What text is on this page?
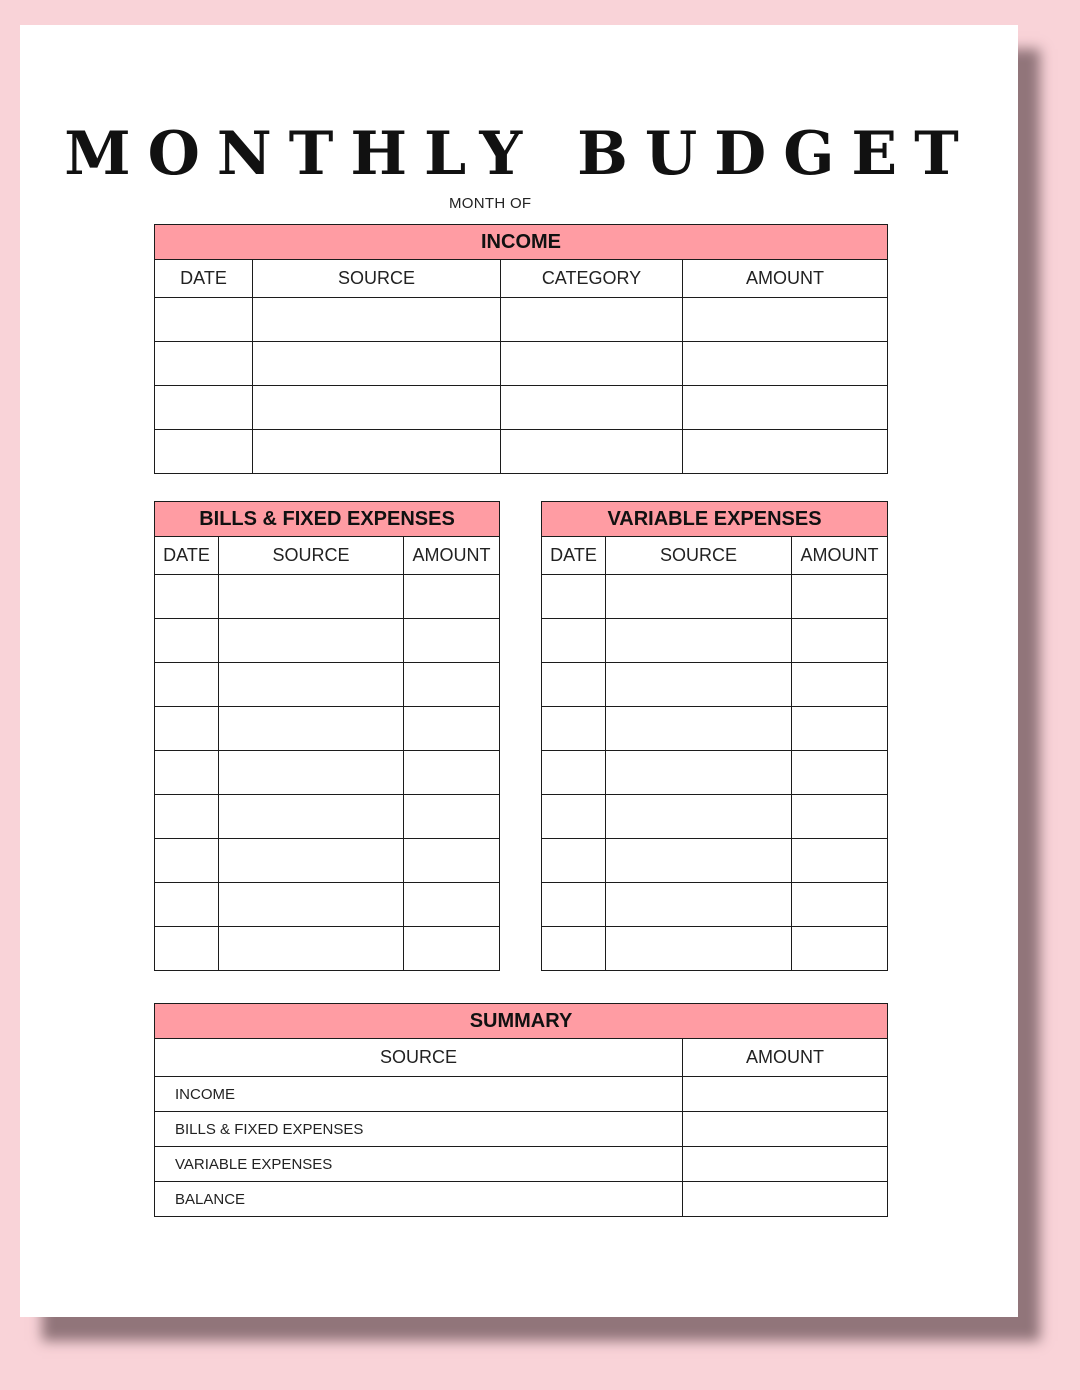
MONTHLY BUDGET
MONTH OF
INCOME			
DATE	SOURCE	CATEGORY	AMOUNT

BILLS & FIXED EXPENSES		
DATE	SOURCE	AMOUNT

VARIABLE EXPENSES		
DATE	SOURCE	AMOUNT

SUMMARY	
SOURCE	AMOUNT
INCOME	
BILLS & FIXED EXPENSES	
VARIABLE EXPENSES	
BALANCE	
